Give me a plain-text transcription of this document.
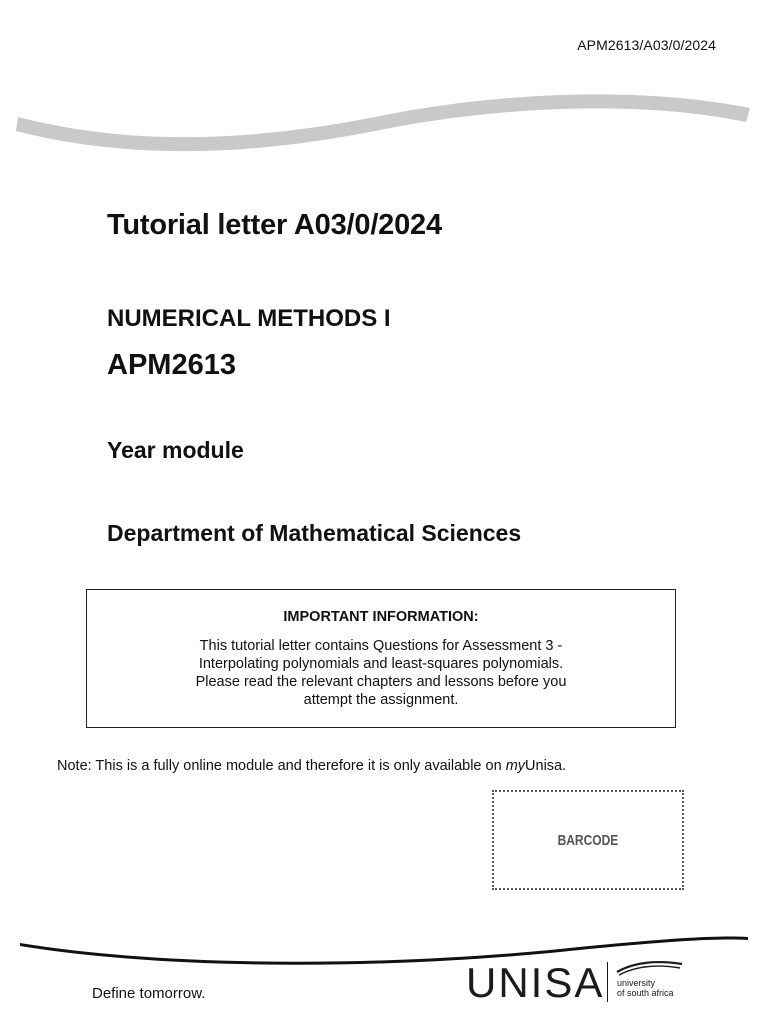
APM2613/A03/0/2024
Tutorial letter A03/0/2024
NUMERICAL METHODS I
APM2613
Year module
Department of Mathematical Sciences
IMPORTANT INFORMATION:
This tutorial letter contains Questions for Assessment 3 -
Interpolating polynomials and least-squares polynomials.
Please read the relevant chapters and lessons before you
attempt the assignment.
Note: This is a fully online module and therefore it is only available on myUnisa.
BARCODE
Define tomorrow.	UNISA university
of south africa
